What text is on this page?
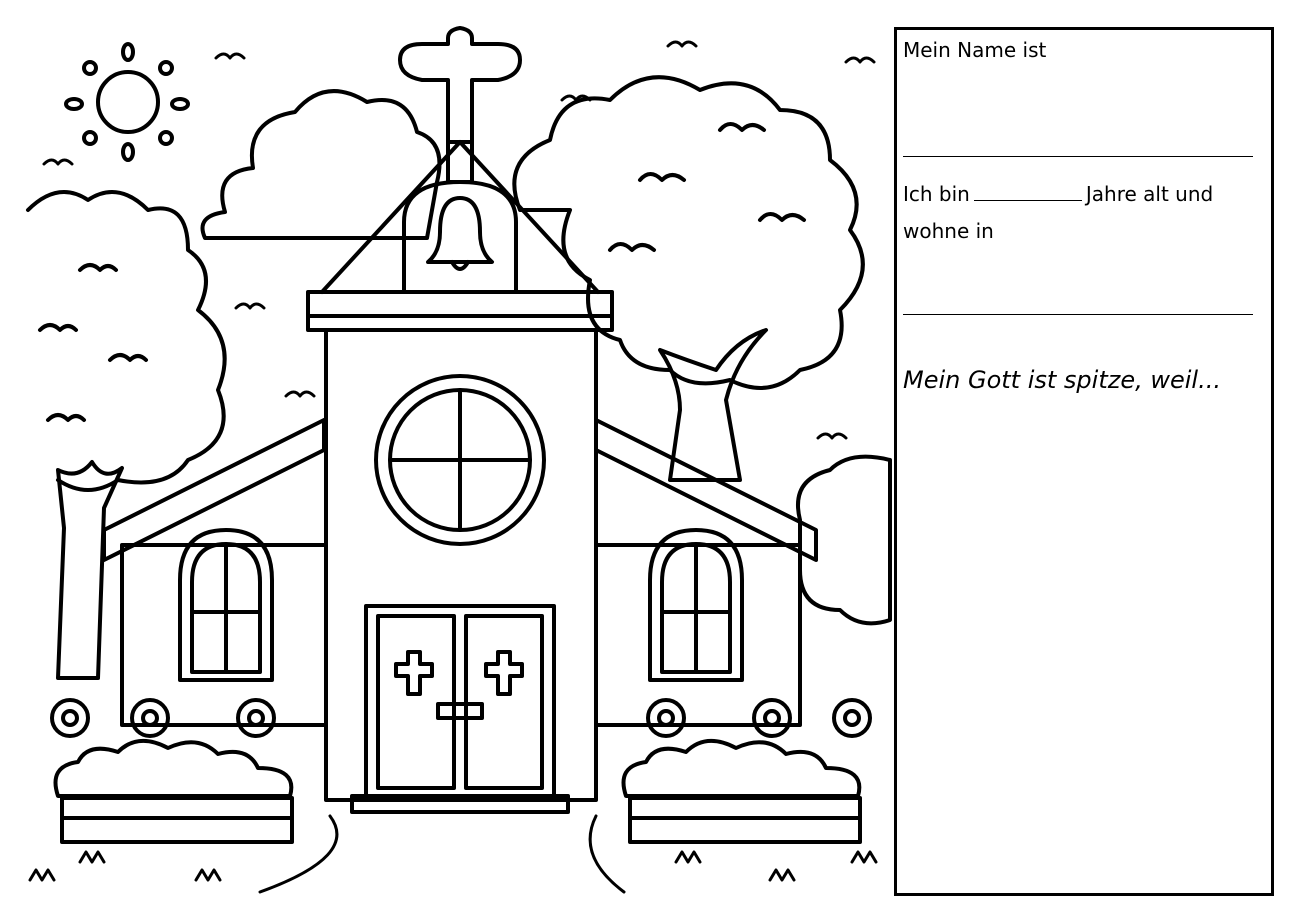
Mein Name ist
Ich bin	Jahre alt und
wohne in
Mein Gott ist spitze, weil...
